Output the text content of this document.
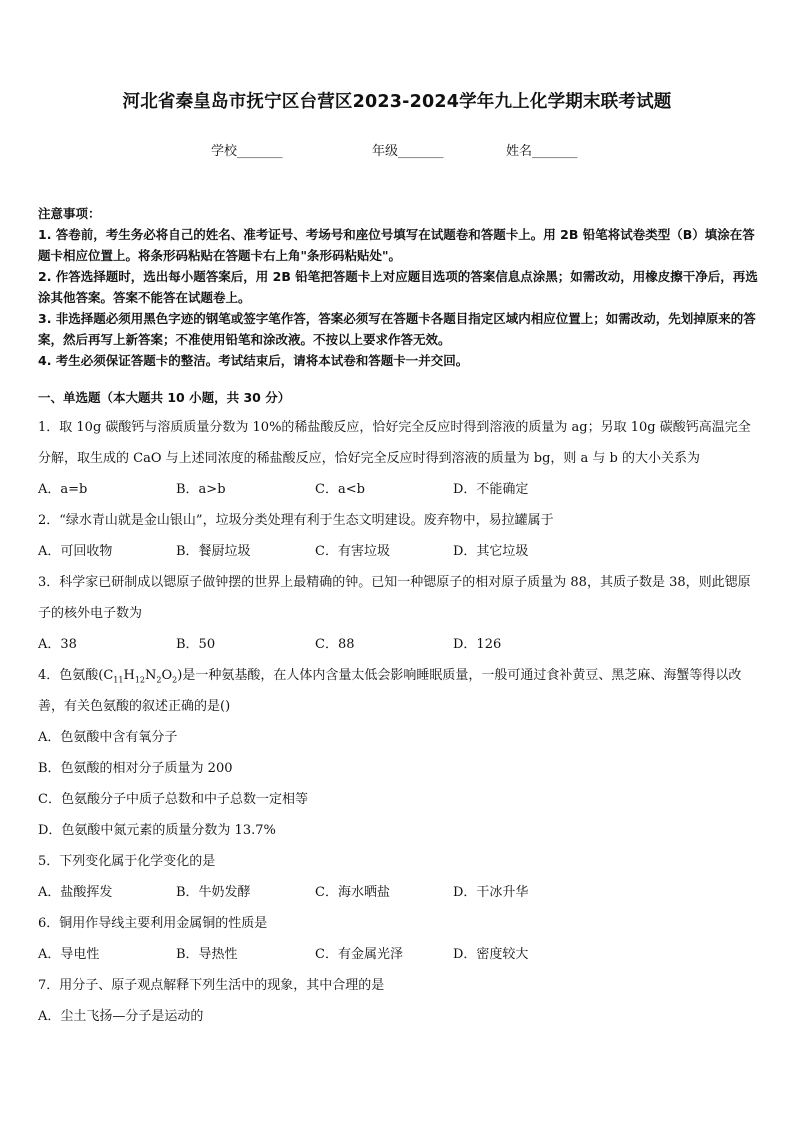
河北省秦皇岛市抚宁区台营区2023-2024学年九上化学期末联考试题
学校_______	年级_______	姓名_______

注意事项：

1. 答卷前，考生务必将自己的姓名、准考证号、考场号和座位号填写在试题卷和答题卡上。用 2B 铅笔将试卷类型（B）填涂在答题卡相应位置上。将条形码粘贴在答题卡右上角"条形码粘贴处"。

2. 作答选择题时，选出每小题答案后，用 2B 铅笔把答题卡上对应题目选项的答案信息点涂黑；如需改动，用橡皮擦干净后，再选涂其他答案。答案不能答在试题卷上。

3. 非选择题必须用黑色字迹的钢笔或签字笔作答，答案必须写在答题卡各题目指定区域内相应位置上；如需改动，先划掉原来的答案，然后再写上新答案；不准使用铅笔和涂改液。不按以上要求作答无效。

4. 考生必须保证答题卡的整洁。考试结束后，请将本试卷和答题卡一并交回。

一、单选题（本大题共 10 小题，共 30 分）

1．取 10g 碳酸钙与溶质质量分数为 10%的稀盐酸反应，恰好完全反应时得到溶液的质量为 ag；另取 10g 碳酸钙高温完全分解，取生成的 CaO 与上述同浓度的稀盐酸反应，恰好完全反应时得到溶液的质量为 bg，则 a 与 b 的大小关系为

A．a=b	B．a>b	C．a<b	D．不能确定

2．“绿水青山就是金山银山”，垃圾分类处理有利于生态文明建设。废弃物中，易拉罐属于

A．可回收物	B．餐厨垃圾	C．有害垃圾	D．其它垃圾

3．科学家已研制成以锶原子做钟摆的世界上最精确的钟。已知一种锶原子的相对原子质量为 88，其质子数是 38，则此锶原子的核外电子数为

A．38	B．50	C．88	D．126

4．色氨酸$(C_{11}H_{12}N_2O_2)$是一种氨基酸，在人体内含量太低会影响睡眠质量，一般可通过食补黄豆、黑芝麻、海蟹等得以改善，有关色氨酸的叙述正确的是()

A．色氨酸中含有氧分子

B．色氨酸的相对分子质量为 200

C．色氨酸分子中质子总数和中子总数一定相等

D．色氨酸中氮元素的质量分数为 13.7%

5．下列变化属于化学变化的是

A．盐酸挥发	B．牛奶发酵	C．海水晒盐	D．干冰升华

6．铜用作导线主要利用金属铜的性质是

A．导电性	B．导热性	C．有金属光泽	D．密度较大

7．用分子、原子观点解释下列生活中的现象，其中合理的是

A．尘土飞扬—分子是运动的
